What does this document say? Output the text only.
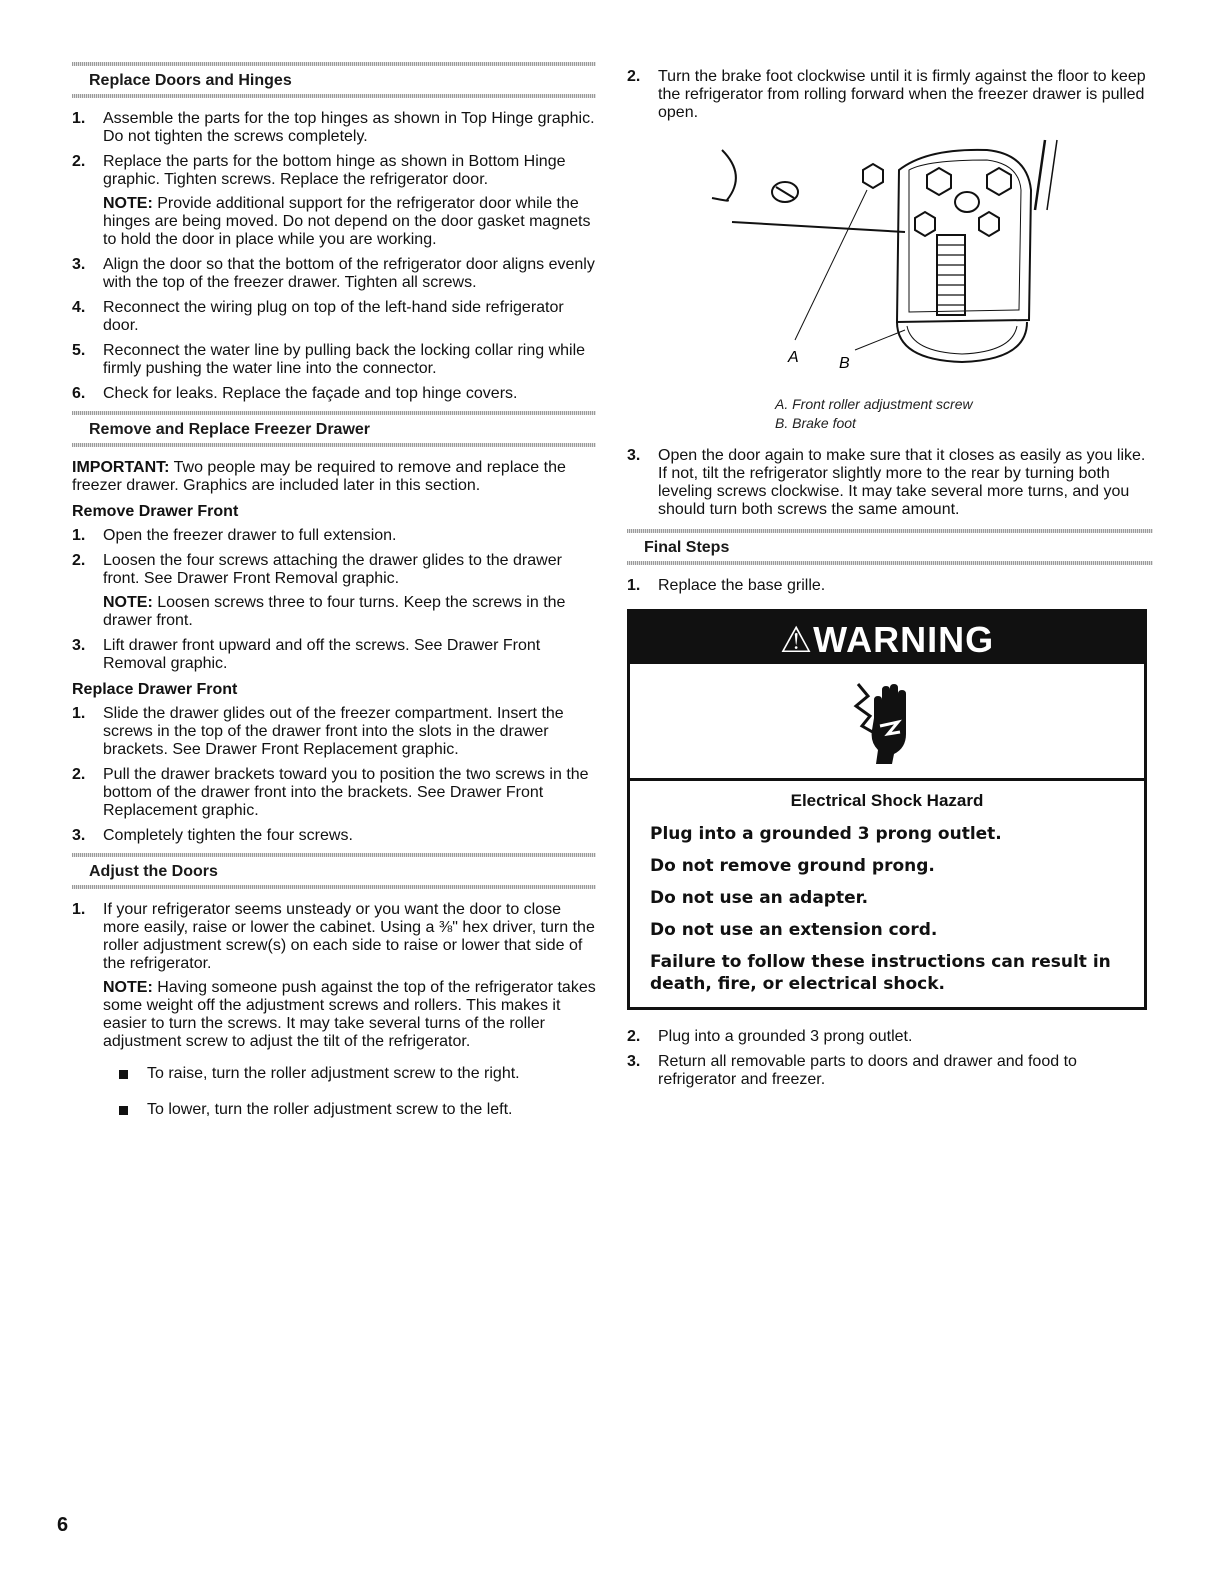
Replace Doors and Hinges
1. Assemble the parts for the top hinges as shown in Top Hinge graphic. Do not tighten the screws completely.
2. Replace the parts for the bottom hinge as shown in Bottom Hinge graphic. Tighten screws. Replace the refrigerator door.

NOTE: Provide additional support for the refrigerator door while the hinges are being moved. Do not depend on the door gasket magnets to hold the door in place while you are working.

3. Align the door so that the bottom of the refrigerator door aligns evenly with the top of the freezer drawer. Tighten all screws.
4. Reconnect the wiring plug on top of the left-hand side refrigerator door.
5. Reconnect the water line by pulling back the locking collar ring while firmly pushing the water line into the connector.
6. Check for leaks. Replace the façade and top hinge covers.
Remove and Replace Freezer Drawer

IMPORTANT: Two people may be required to remove and replace the freezer drawer. Graphics are included later in this section.

Remove Drawer Front
1. Open the freezer drawer to full extension.
2. Loosen the four screws attaching the drawer glides to the drawer front. See Drawer Front Removal graphic.

NOTE: Loosen screws three to four turns. Keep the screws in the drawer front.

3. Lift drawer front upward and off the screws. See Drawer Front Removal graphic.
Replace Drawer Front
1. Slide the drawer glides out of the freezer compartment. Insert the screws in the top of the drawer front into the slots in the drawer brackets. See Drawer Front Replacement graphic.
2. Pull the drawer brackets toward you to position the two screws in the bottom of the drawer front into the brackets. See Drawer Front Replacement graphic.
3. Completely tighten the four screws.
Adjust the Doors
1. If your refrigerator seems unsteady or you want the door to close more easily, raise or lower the cabinet. Using a ⅜" hex driver, turn the roller adjustment screw(s) on each side to raise or lower that side of the refrigerator.

NOTE: Having someone push against the top of the refrigerator takes some weight off the adjustment screws and rollers. This makes it easier to turn the screws. It may take several turns of the roller adjustment screw to adjust the tilt of the refrigerator.

To raise, turn the roller adjustment screw to the right.
To lower, turn the roller adjustment screw to the left.
2. Turn the brake foot clockwise until it is firmly against the floor to keep the refrigerator from rolling forward when the freezer drawer is pulled open.
A	B
A. Front roller adjustment screw
B. Brake foot
3. Open the door again to make sure that it closes as easily as you like. If not, tilt the refrigerator slightly more to the rear by turning both leveling screws clockwise. It may take several more turns, and you should turn both screws the same amount.
Final Steps
1. Replace the base grille.
⚠WARNING
Electrical Shock Hazard
Plug into a grounded 3 prong outlet.
Do not remove ground prong.
Do not use an adapter.
Do not use an extension cord.
Failure to follow these instructions can result in death, fire, or electrical shock.
2. Plug into a grounded 3 prong outlet.
3. Return all removable parts to doors and drawer and food to refrigerator and freezer.
6
